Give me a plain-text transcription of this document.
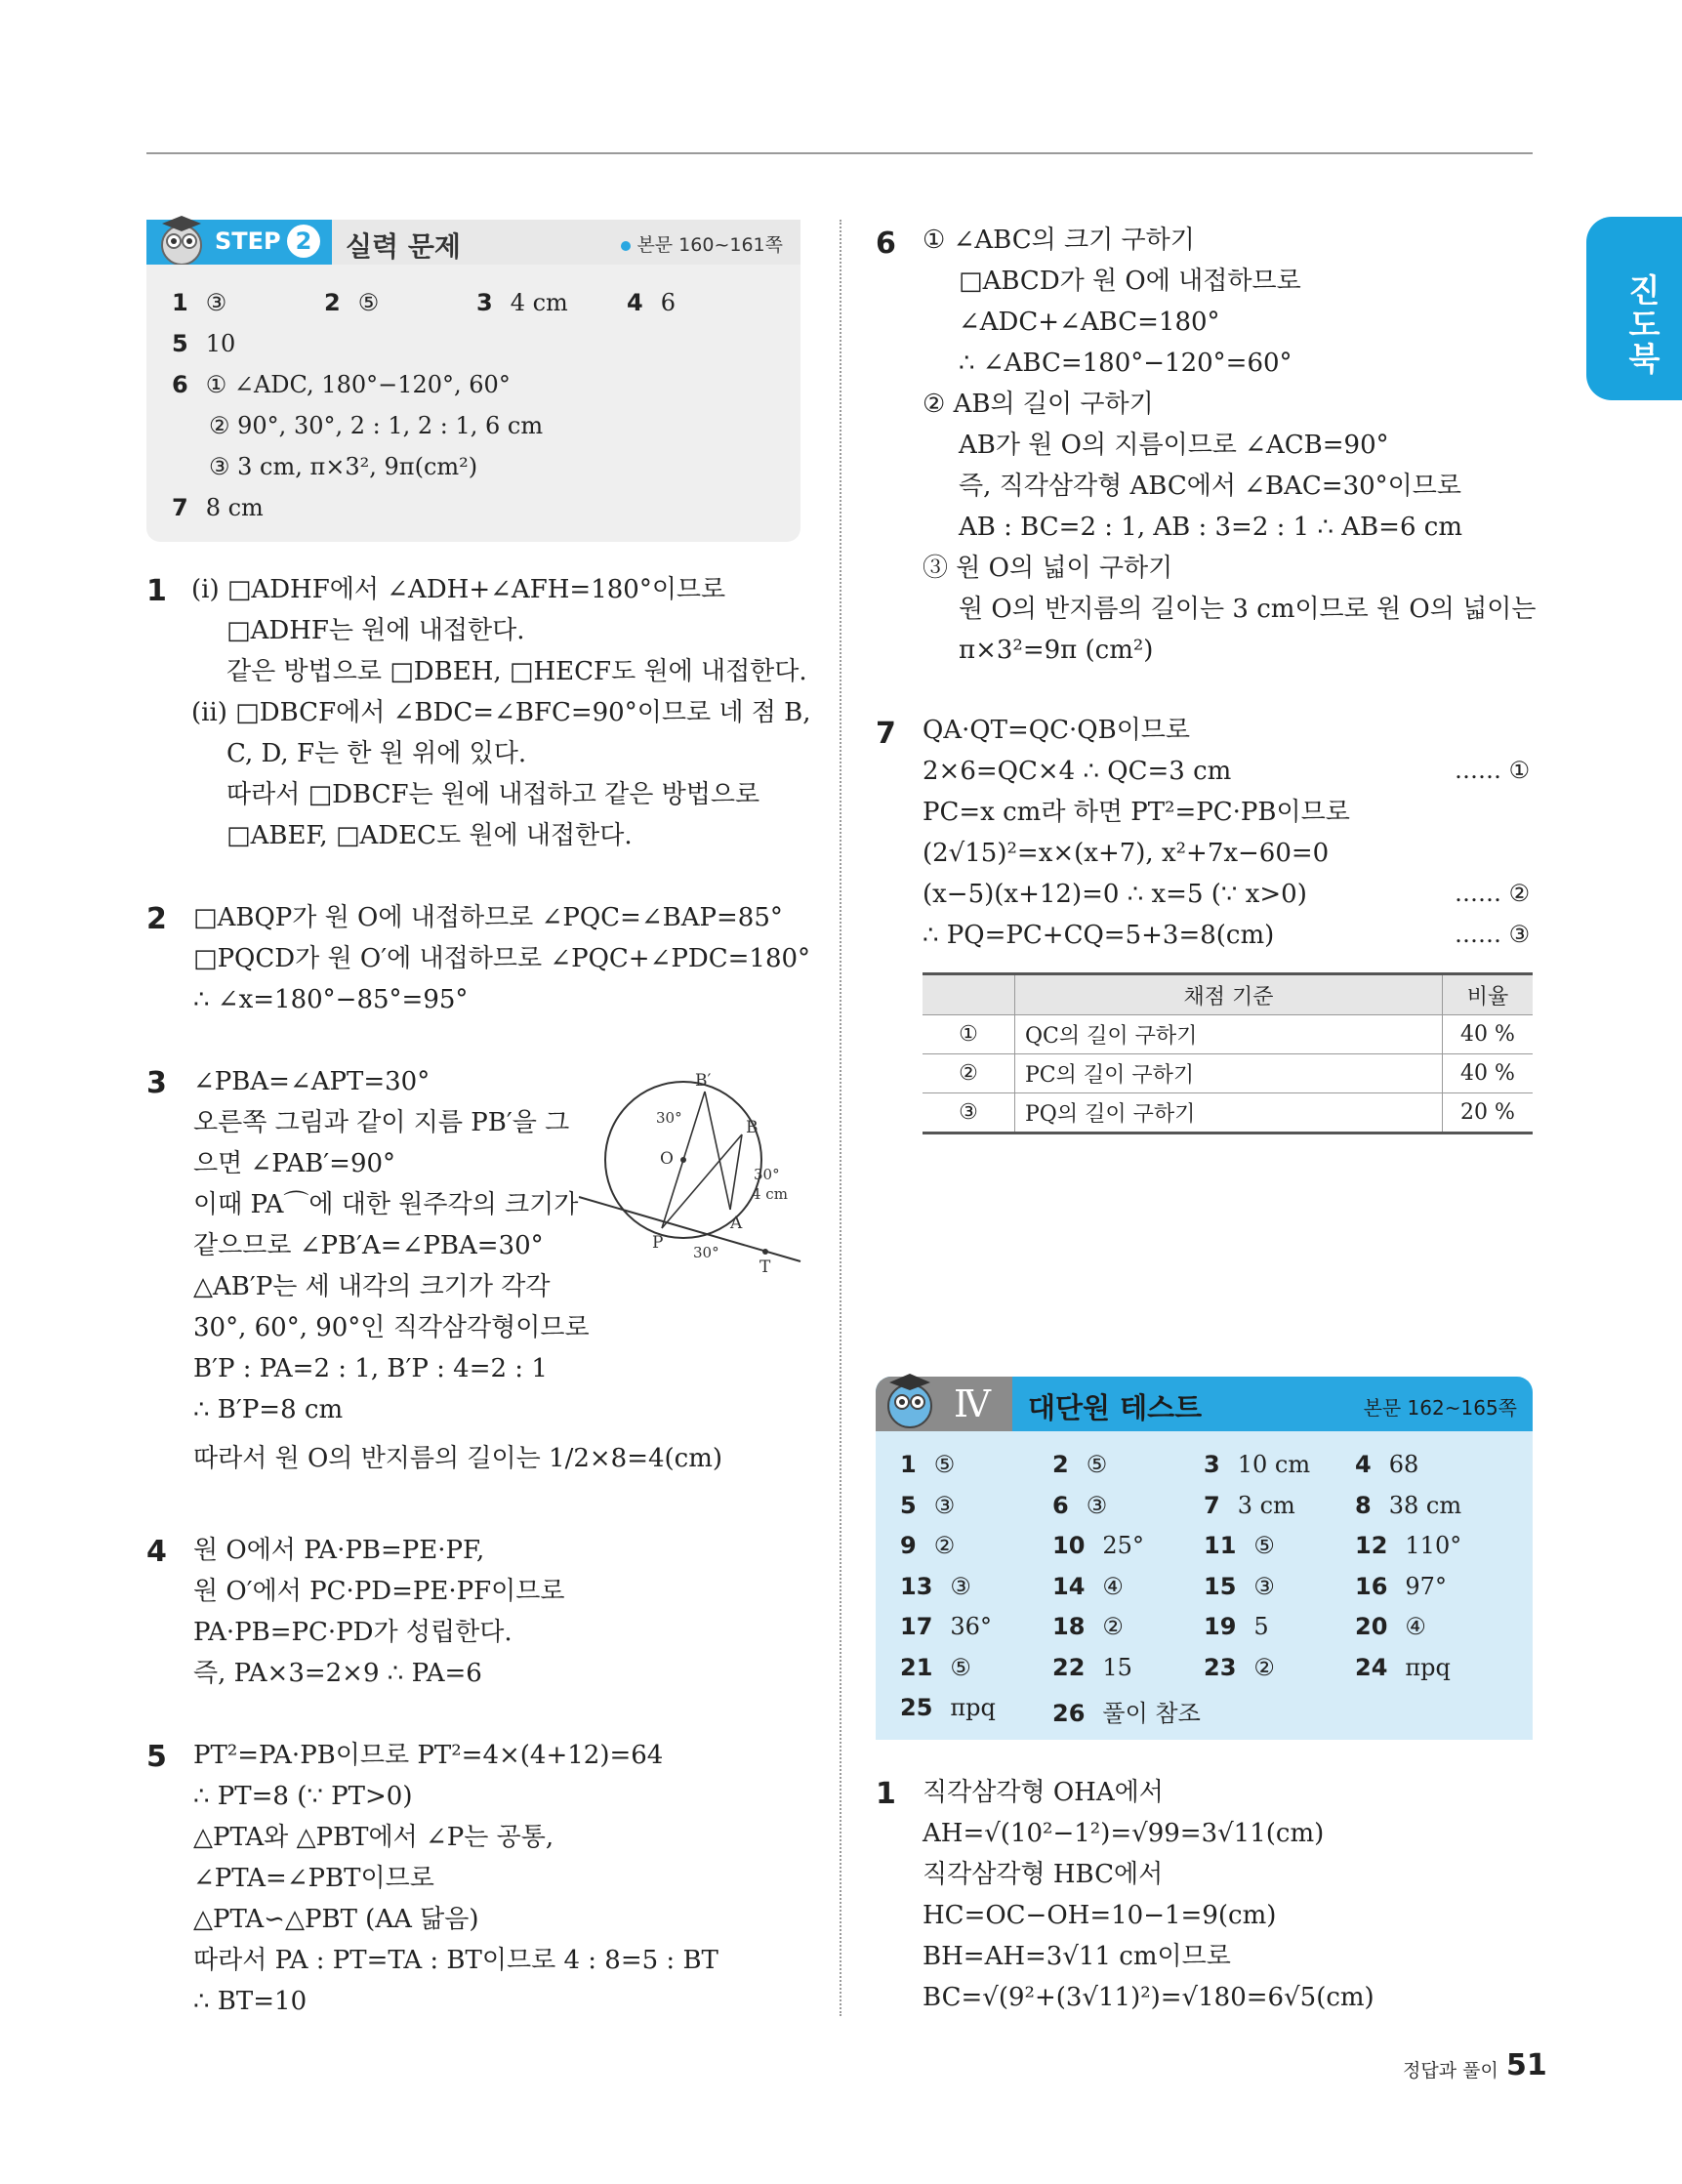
진도북
STEP 2	실력 문제	본문 160~161쪽
1 ③	2 ⑤	3 4 cm	4 6
5 10
6 ① ∠ADC, 180°−120°, 60°
② 90°, 30°, 2 : 1, 2 : 1, 6 cm
③ 3 cm, π×3², 9π(cm²)
7 8 cm
1 (ⅰ) □ADHF에서 ∠ADH+∠AFH=180°이므로
□ADHF는 원에 내접한다.
같은 방법으로 □DBEH, □HECF도 원에 내접한다.
(ⅱ) □DBCF에서 ∠BDC=∠BFC=90°이므로 네 점 B,
C, D, F는 한 원 위에 있다.
따라서 □DBCF는 원에 내접하고 같은 방법으로
□ABEF, □ADEC도 원에 내접한다.
2 □ABQP가 원 O에 내접하므로 ∠PQC=∠BAP=85°
□PQCD가 원 O′에 내접하므로 ∠PQC+∠PDC=180°
∴ ∠x=180°−85°=95°
3 ∠PBA=∠APT=30°
오른쪽 그림과 같이 지름 PB′을 그
으면 ∠PAB′=90°
이때 PA⌒에 대한 원주각의 크기가
같으므로 ∠PB′A=∠PBA=30°
△AB′P는 세 내각의 크기가 각각
30°, 60°, 90°인 직각삼각형이므로
B′P : PA=2 : 1, B′P : 4=2 : 1
∴ B′P=8 cm
따라서 원 O의 반지름의 길이는 1/2×8=4(cm)
B′
B
O
A
P
T
30°
30°
30°
4 cm
4 원 O에서 PA·PB=PE·PF,
원 O′에서 PC·PD=PE·PF이므로
PA·PB=PC·PD가 성립한다.
즉, PA×3=2×9 ∴ PA=6
5 PT²=PA·PB이므로 PT²=4×(4+12)=64
∴ PT=8 (∵ PT>0)
△PTA와 △PBT에서 ∠P는 공통,
∠PTA=∠PBT이므로
△PTA∽△PBT (AA 닮음)
따라서 PA : PT=TA : BT이므로 4 : 8=5 : BT
∴ BT=10
6 ① ∠ABC의 크기 구하기
□ABCD가 원 O에 내접하므로
∠ADC+∠ABC=180°
∴ ∠ABC=180°−120°=60°
② AB의 길이 구하기
AB가 원 O의 지름이므로 ∠ACB=90°
즉, 직각삼각형 ABC에서 ∠BAC=30°이므로
AB : BC=2 : 1, AB : 3=2 : 1 ∴ AB=6 cm
③ 원 O의 넓이 구하기
원 O의 반지름의 길이는 3 cm이므로 원 O의 넓이는
π×3²=9π (cm²)
7 QA·QT=QC·QB이므로
2×6=QC×4 ∴ QC=3 cm
PC=x cm라 하면 PT²=PC·PB이므로
(2√15)²=x×(x+7), x²+7x−60=0
(x−5)(x+12)=0 ∴ x=5 (∵ x>0)
∴ PQ=PC+CQ=5+3=8(cm)
…… ①
…… ②
…… ③
	채점 기준	비율
①	QC의 길이 구하기	40 %
②	PC의 길이 구하기	40 %
③	PQ의 길이 구하기	20 %
Ⅳ 대단원 테스트	본문 162~165쪽
1 ⑤	2 ⑤	3 10 cm 4 68
5 ③	6 ③	7 3 cm	8 38 cm
9 ②	10 25°	11 ⑤	12 110°
13 ③	14 ④	15 ③	16 97°
17 36°	18 ②	19 5	20 ④
21 ⑤	22 15	23 ②	24 πpq
25 πpq 26 풀이 참조
1 직각삼각형 OHA에서
AH=√(10²−1²)=√99=3√11(cm)
직각삼각형 HBC에서
HC=OC−OH=10−1=9(cm)
BH=AH=3√11 cm이므로
BC=√(9²+(3√11)²)=√180=6√5(cm)
정답과 풀이 51
